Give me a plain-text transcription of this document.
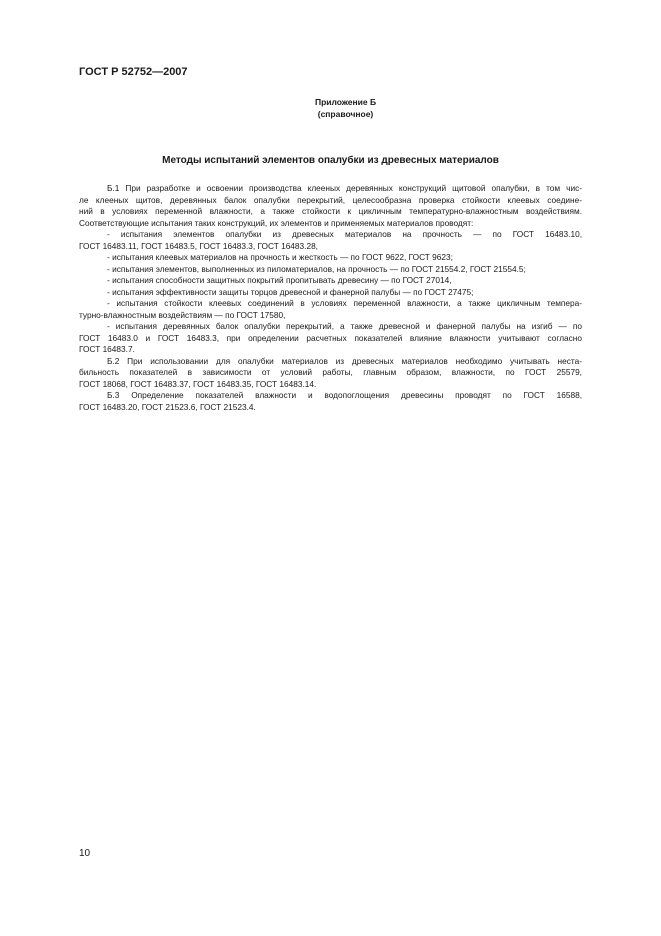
ГОСТ Р 52752—2007
Приложение Б
(справочное)
Методы испытаний элементов опалубки из древесных материалов
Б.1 При разработке и освоении производства клееных деревянных конструкций щитовой опалубки, в том чис-
ле клееных щитов, деревянных балок опалубки перекрытий, целесообразна проверка стойкости клеевых соедине-
ний в условиях переменной влажности, а также стойкости к цикличным температурно-влажностным воздействиям.
Соответствующие испытания таких конструкций, их элементов и применяемых материалов проводят:
- испытания элементов опалубки из древесных материалов на прочность — по ГОСТ 16483.10,
ГОСТ 16483.11, ГОСТ 16483.5, ГОСТ 16483.3, ГОСТ 16483.28,
- испытания клеевых материалов на прочность и жесткость — по ГОСТ 9622, ГОСТ 9623;
- испытания элементов, выполненных из пиломатериалов, на прочность — по ГОСТ 21554.2, ГОСТ 21554.5;
- испытания способности защитных покрытий пропитывать древесину — по ГОСТ 27014,
- испытания эффективности защиты торцов древесной и фанерной палубы — по ГОСТ 27475;
- испытания стойкости клеевых соединений в условиях переменной влажности, а также цикличным темпера-
турно-влажностным воздействиям — по ГОСТ 17580,
- испытания деревянных балок опалубки перекрытий, а также древесной и фанерной палубы на изгиб — по
ГОСТ 16483.0 и ГОСТ 16483.3, при определении расчетных показателей влияние влажности учитывают согласно
ГОСТ 16483.7.
Б.2 При использовании для опалубки материалов из древесных материалов необходимо учитывать неста-
бильность показателей в зависимости от условий работы, главным образом, влажности, по ГОСТ 25579,
ГОСТ 18068, ГОСТ 16483.37, ГОСТ 16483.35, ГОСТ 16483.14.
Б.3 Определение показателей влажности и водопоглощения древесины проводят по ГОСТ 16588,
ГОСТ 16483.20, ГОСТ 21523.6, ГОСТ 21523.4.
10
